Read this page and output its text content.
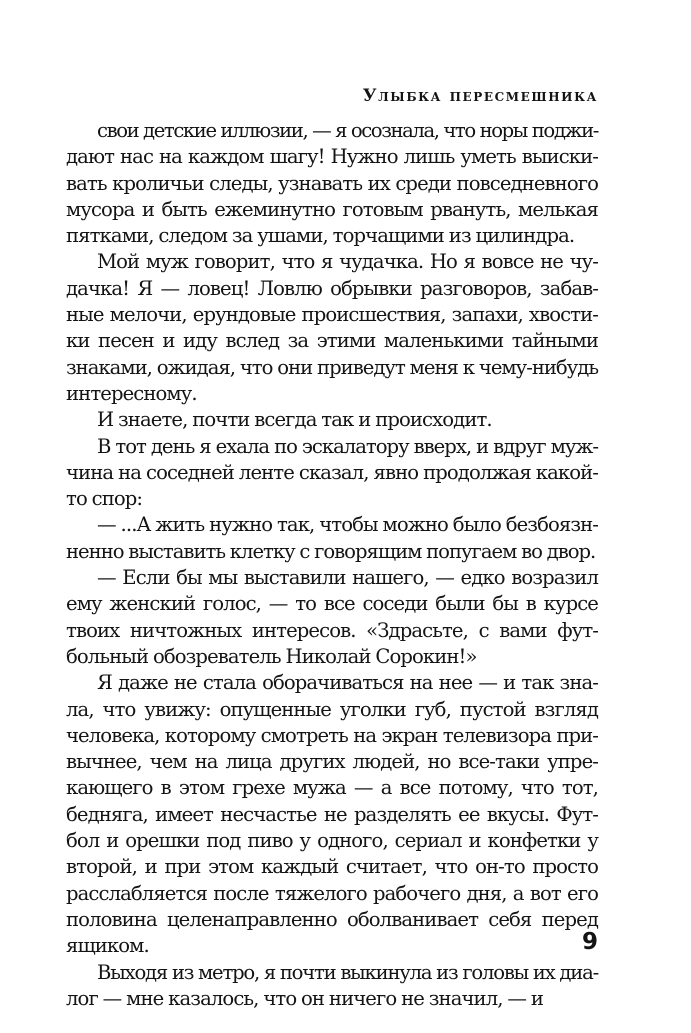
Улыбка пересмешника

свои детские иллюзии, — я осознала, что норы поджи-
дают нас на каждом шагу! Нужно лишь уметь выиски-
вать кроличьи следы, узнавать их среди повседневного
мусора и быть ежеминутно готовым рвануть, мелькая
пятками, следом за ушами, торчащими из цилиндра.

Мой муж говорит, что я чудачка. Но я вовсе не чу-
дачка! Я — ловец! Ловлю обрывки разговоров, забав-
ные мелочи, ерундовые происшествия, запахи, хвости-
ки песен и иду вслед за этими маленькими тайными
знаками, ожидая, что они приведут меня к чему-нибудь
интересному.

И знаете, почти всегда так и происходит.

В тот день я ехала по эскалатору вверх, и вдруг муж-
чина на соседней ленте сказал, явно продолжая какой-
то спор:

— ...А жить нужно так, чтобы можно было безбоязн-
ненно выставить клетку с говорящим попугаем во двор.

— Если бы мы выставили нашего, — едко возразил
ему женский голос, — то все соседи были бы в курсе
твоих ничтожных интересов. «Здрасьте, с вами фут-
больный обозреватель Николай Сорокин!»

Я даже не стала оборачиваться на нее — и так зна-
ла, что увижу: опущенные уголки губ, пустой взгляд
человека, которому смотреть на экран телевизора при-
вычнее, чем на лица других людей, но все-таки упре-
кающего в этом грехе мужа — а все потому, что тот,
бедняга, имеет несчастье не разделять ее вкусы. Фут-
бол и орешки под пиво у одного, сериал и конфетки у
второй, и при этом каждый считает, что он-то просто
расслабляется после тяжелого рабочего дня, а вот его
половина целенаправленно оболванивает себя перед
ящиком.

Выходя из метро, я почти выкинула из головы их диа-
лог — мне казалось, что он ничего не значил, — и

9
